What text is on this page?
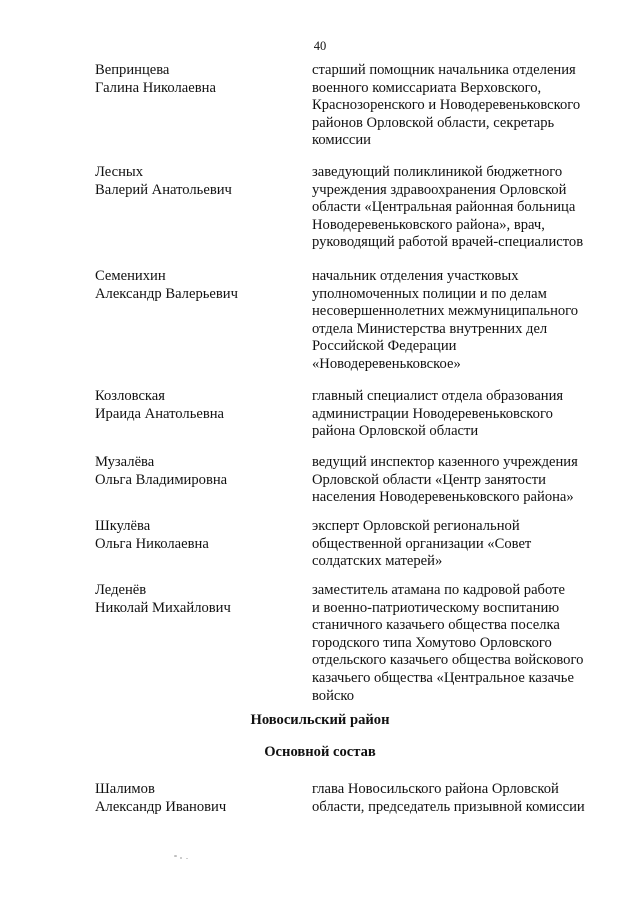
40
Вепринцева
Галина Николаевна
старший помощник начальника отделения
военного комиссариата Верховского,
Краснозоренского и Новодеревеньковского
районов Орловской области, секретарь
комиссии
Лесных
Валерий Анатольевич
заведующий поликлиникой бюджетного
учреждения здравоохранения Орловской
области «Центральная районная больница
Новодеревеньковского района», врач,
руководящий работой врачей-специалистов
Семенихин
Александр Валерьевич
начальник отделения участковых
уполномоченных полиции и по делам
несовершеннолетних межмуниципального
отдела Министерства внутренних дел
Российской Федерации
«Новодеревеньковское»
Козловская
Ираида Анатольевна
главный специалист отдела образования
администрации Новодеревеньковского
района Орловской области
Музалёва
Ольга Владимировна
ведущий инспектор казенного учреждения
Орловской области «Центр занятости
населения Новодеревеньковского района»
Шкулёва
Ольга Николаевна
эксперт Орловской региональной
общественной организации «Совет
солдатских матерей»
Леденёв
Николай Михайлович
заместитель атамана по кадровой работе
и военно-патриотическому воспитанию
станичного казачьего общества поселка
городского типа Хомутово Орловского
отдельского казачьего общества войскового
казачьего общества «Центральное казачье
войско
Новосильский район
Основной состав
Шалимов
Александр Иванович
глава Новосильского района Орловской
области, председатель призывной комиссии
